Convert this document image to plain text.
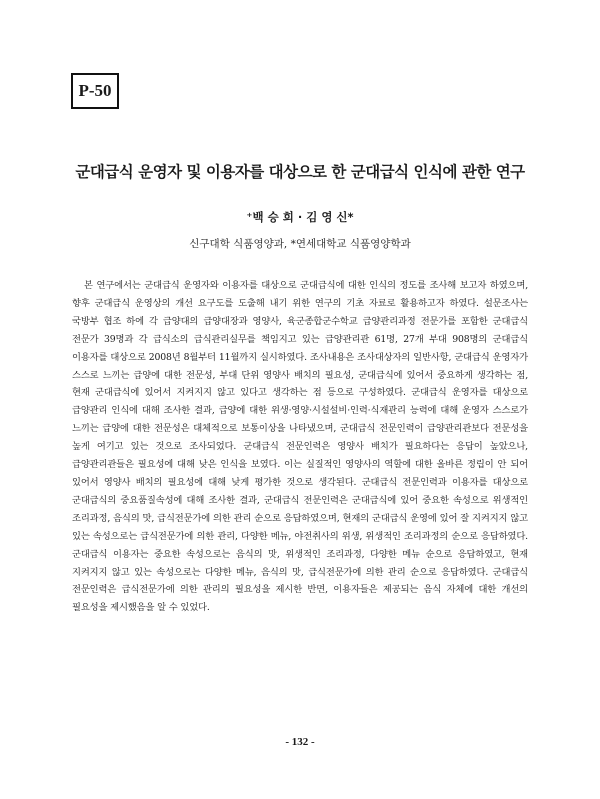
P-50
군대급식 운영자 및 이용자를 대상으로 한 군대급식 인식에 관한 연구
⁺백 승 희 · 김 영 신*
신구대학 식품영양과, *연세대학교 식품영양학과

본 연구에서는 군대급식 운영자와 이용자를 대상으로 군대급식에 대한 인식의 정도를 조사해 보고자 하였으며, 향후 군대급식 운영상의 개선 요구도를 도출해 내기 위한 연구의 기초 자료로 활용하고자 하였다. 설문조사는 국방부 협조 하에 각 급양대의 급양대장과 영양사, 육군종합군수학교 급양관리과정 전문가를 포함한 군대급식 전문가 39명과 각 급식소의 급식관리실무를 책임지고 있는 급양관리관 61명, 27개 부대 908명의 군대급식 이용자를 대상으로 2008년 8월부터 11월까지 실시하였다. 조사내용은 조사대상자의 일반사항, 군대급식 운영자가 스스로 느끼는 급양에 대한 전문성, 부대 단위 영양사 배치의 필요성, 군대급식에 있어서 중요하게 생각하는 점, 현재 군대급식에 있어서 지켜지지 않고 있다고 생각하는 점 등으로 구성하였다. 군대급식 운영자를 대상으로 급양관리 인식에 대해 조사한 결과, 급양에 대한 위생·영양·시설설비·인력·식재관리 능력에 대해 운영자 스스로가 느끼는 급양에 대한 전문성은 대체적으로 보통이상을 나타냈으며, 군대급식 전문인력이 급양관리관보다 전문성을 높게 여기고 있는 것으로 조사되었다. 군대급식 전문인력은 영양사 배치가 필요하다는 응답이 높았으나, 급양관리관들은 필요성에 대해 낮은 인식을 보였다. 이는 실질적인 영양사의 역할에 대한 올바른 정립이 안 되어 있어서 영양사 배치의 필요성에 대해 낮게 평가한 것으로 생각된다. 군대급식 전문인력과 이용자를 대상으로 군대급식의 중요품질속성에 대해 조사한 결과, 군대급식 전문인력은 군대급식에 있어 중요한 속성으로 위생적인 조리과정, 음식의 맛, 급식전문가에 의한 관리 순으로 응답하였으며, 현재의 군대급식 운영에 있어 잘 지켜지지 않고 있는 속성으로는 급식전문가에 의한 관리, 다양한 메뉴, 야전취사의 위생, 위생적인 조리과정의 순으로 응답하였다. 군대급식 이용자는 중요한 속성으로는 음식의 맛, 위생적인 조리과정, 다양한 메뉴 순으로 응답하였고, 현재 지켜지지 않고 있는 속성으로는 다양한 메뉴, 음식의 맛, 급식전문가에 의한 관리 순으로 응답하였다. 군대급식 전문인력은 급식전문가에 의한 관리의 필요성을 제시한 반면, 이용자들은 제공되는 음식 자체에 대한 개선의 필요성을 제시했음을 알 수 있었다.

- 132 -
